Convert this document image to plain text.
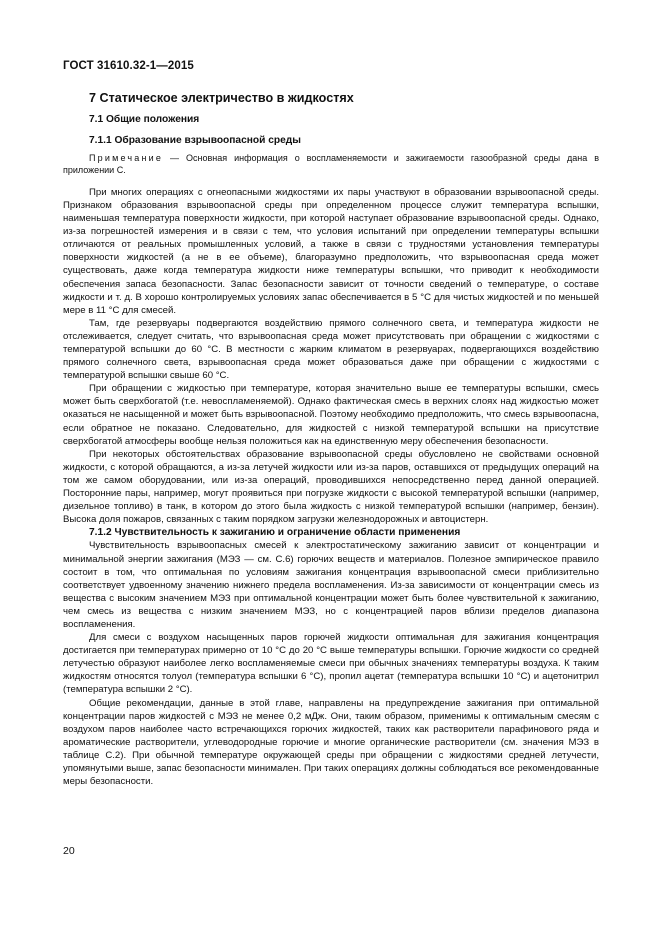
ГОСТ 31610.32-1—2015
7 Статическое электричество в жидкостях
7.1 Общие положения
7.1.1 Образование взрывоопасной среды

Примечание — Основная информация о воспламеняемости и зажигаемости газообразной среды дана в приложении С.

При многих операциях с огнеопасными жидкостями их пары участвуют в образовании взрывоопасной среды. Признаком образования взрывоопасной среды при определенном процессе служит температура вспышки, наименьшая температура поверхности жидкости, при которой наступает образование взрывоопасной среды. Однако, из-за погрешностей измерения и в связи с тем, что условия испытаний при определении температуры вспышки отличаются от реальных промышленных условий, а также в связи с трудностями установления температуры поверхности жидкостей (а не в ее объеме), благоразумно предположить, что взрывоопасная среда может существовать, даже когда температура жидкости ниже температуры вспышки, что приводит к необходимости обеспечения запаса безопасности. Запас безопасности зависит от точности сведений о температуре, о составе жидкости и т. д. В хорошо контролируемых условиях запас обеспечивается в 5 °С для чистых жидкостей и по меньшей мере в 11 °С для смесей.

Там, где резервуары подвергаются воздействию прямого солнечного света, и температура жидкости не отслеживается, следует считать, что взрывоопасная среда может присутствовать при обращении с жидкостями с температурой вспышки до 60 °С. В местности с жарким климатом в резервуарах, подвергающихся воздействию прямого солнечного света, взрывоопасная среда может образоваться даже при обращении с жидкостями с температурой вспышки свыше 60 °С.

При обращении с жидкостью при температуре, которая значительно выше ее температуры вспышки, смесь может быть сверхбогатой (т.е. невоспламеняемой). Однако фактическая смесь в верхних слоях над жидкостью может оказаться не насыщенной и может быть взрывоопасной. Поэтому необходимо предположить, что смесь взрывоопасна, если обратное не показано. Следовательно, для жидкостей с низкой температурой вспышки на присутствие сверхбогатой атмосферы вообще нельзя положиться как на единственную меру обеспечения безопасности.

При некоторых обстоятельствах образование взрывоопасной среды обусловлено не свойствами основной жидкости, с которой обращаются, а из-за летучей жидкости или из-за паров, оставшихся от предыдущих операций на том же самом оборудовании, или из-за операций, проводившихся непосредственно перед данной операцией. Посторонние пары, например, могут проявиться при погрузке жидкости с высокой температурой вспышки (например, дизельное топливо) в танк, в котором до этого была жидкость с низкой температурой вспышки (например, бензин). Высока доля пожаров, связанных с таким порядком загрузки железнодорожных и автоцистерн.

7.1.2 Чувствительность к зажиганию и ограничение области применения

Чувствительность взрывоопасных смесей к электростатическому зажиганию зависит от концентрации и минимальной энергии зажигания (МЭЗ — см. С.6) горючих веществ и материалов. Полезное эмпирическое правило состоит в том, что оптимальная по условиям зажигания концентрация взрывоопасной смеси приблизительно соответствует удвоенному значению нижнего предела воспламенения. Из-за зависимости от концентрации смесь из вещества с высоким значением МЭЗ при оптимальной концентрации может быть более чувствительной к зажиганию, чем смесь из вещества с низким значением МЭЗ, но с концентрацией паров вблизи пределов диапазона воспламенения.

Для смеси с воздухом насыщенных паров горючей жидкости оптимальная для зажигания концентрация достигается при температурах примерно от 10 °С до 20 °С выше температуры вспышки. Горючие жидкости со средней летучестью образуют наиболее легко воспламеняемые смеси при обычных значениях температуры воздуха. К таким жидкостям относятся толуол (температура вспышки 6 °С), пропил ацетат (температура вспышки 10 °С) и ацетонитрил (температура вспышки 2 °С).

Общие рекомендации, данные в этой главе, направлены на предупреждение зажигания при оптимальной концентрации паров жидкостей с МЭЗ не менее 0,2 мДж. Они, таким образом, применимы к оптимальным смесям с воздухом паров наиболее часто встречающихся горючих жидкостей, таких как растворители парафинового ряда и ароматические растворители, углеводородные горючие и многие органические растворители (см. значения МЭЗ в таблице С.2). При обычной температуре окружающей среды при обращении с жидкостями средней летучести, упомянутыми выше, запас безопасности минимален. При таких операциях должны соблюдаться все рекомендованные меры безопасности.

20
